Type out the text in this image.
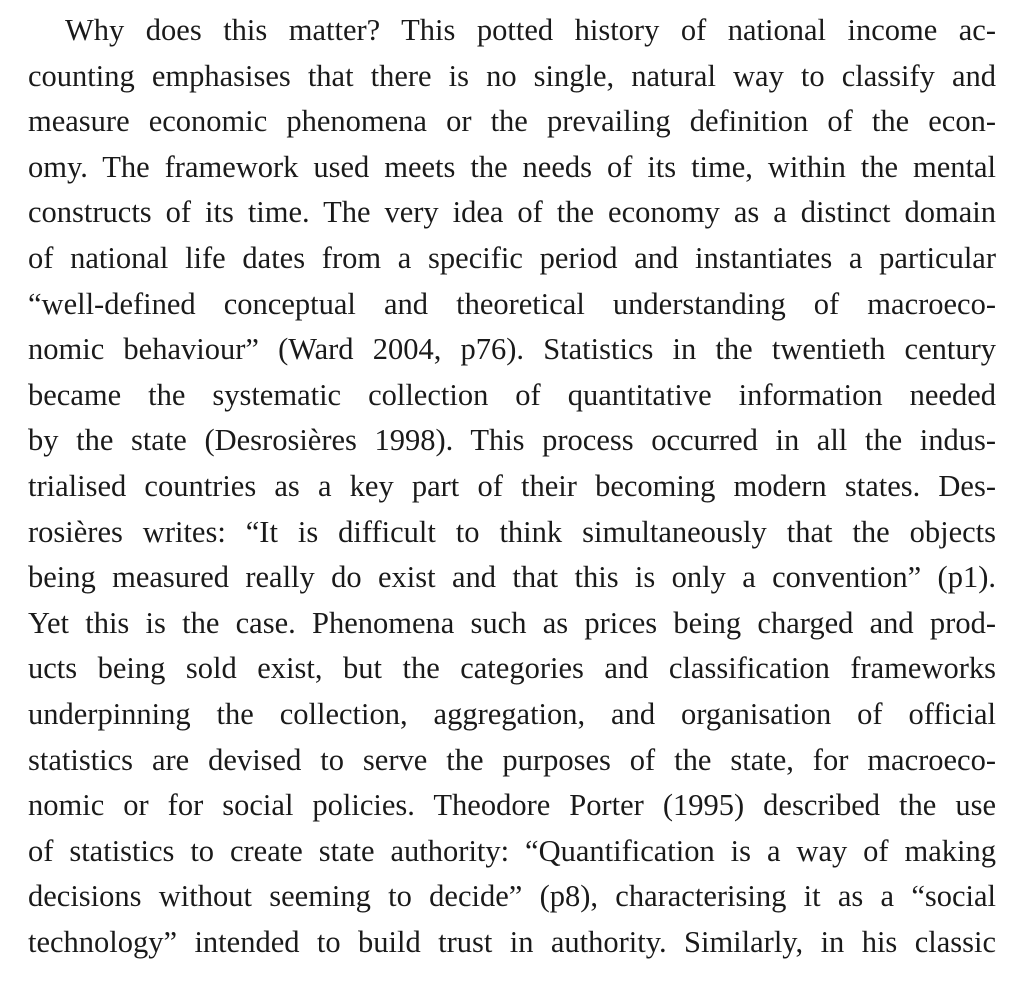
Why does this matter? This potted history of national income ac-
counting emphasises that there is no single, natural way to classify and
measure economic phenomena or the prevailing definition of the econ-
omy. The framework used meets the needs of its time, within the mental
constructs of its time. The very idea of the economy as a distinct domain
of national life dates from a specific period and instantiates a particular
“well-defined conceptual and theoretical understanding of macroeco-
nomic behaviour” (Ward 2004, p76). Statistics in the twentieth century
became the systematic collection of quantitative information needed
by the state (Desrosières 1998). This process occurred in all the indus-
trialised countries as a key part of their becoming modern states. Des-
rosières writes: “It is difficult to think simultaneously that the objects
being measured really do exist and that this is only a convention” (p1).
Yet this is the case. Phenomena such as prices being charged and prod-
ucts being sold exist, but the categories and classification frameworks
underpinning the collection, aggregation, and organisation of official
statistics are devised to serve the purposes of the state, for macroeco-
nomic or for social policies. Theodore Porter (1995) described the use
of statistics to create state authority: “Quantification is a way of making
decisions without seeming to decide” (p8), characterising it as a “social
technology” intended to build trust in authority. Similarly, in his classic
